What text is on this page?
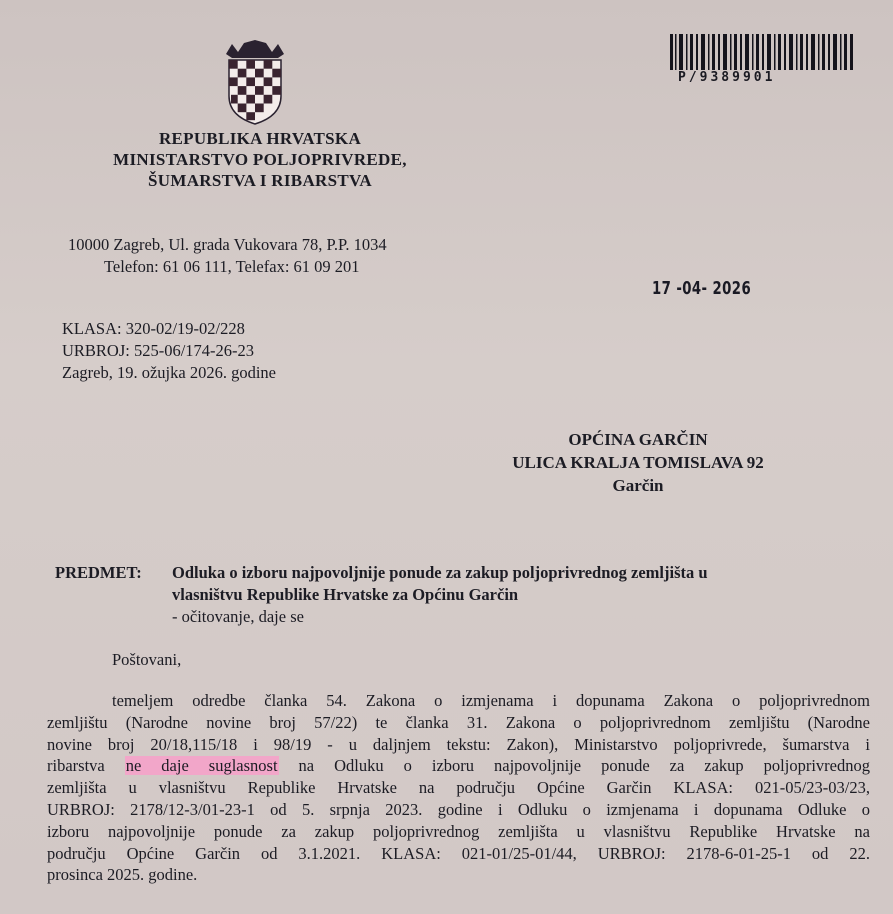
REPUBLIKA HRVATSKA
MINISTARSTVO POLJOPRIVREDE,
ŠUMARSTVA I RIBARSTVA
P/9389901
10000 Zagreb, Ul. grada Vukovara 78, P.P. 1034
Telefon: 61 06 111, Telefax: 61 09 201
17 -04- 2026
KLASA: 320-02/19-02/228
URBROJ: 525-06/174-26-23
Zagreb, 19. ožujka 2026. godine
OPĆINA GARČIN
ULICA KRALJA TOMISLAVA 92
Garčin
PREDMET: Odluka o izboru najpovoljnije ponude za zakup poljoprivrednog zemljišta u
vlasništvu Republike Hrvatske za Općinu Garčin
- očitovanje, daje se
Poštovani,
temeljem odredbe članka 54. Zakona o izmjenama i dopunama Zakona o poljoprivrednom
zemljištu (Narodne novine broj 57/22) te članka 31. Zakona o poljoprivrednom zemljištu (Narodne
novine broj 20/18,115/18 i 98/19 - u daljnjem tekstu: Zakon), Ministarstvo poljoprivrede, šumarstva i
ribarstva ne daje suglasnost na Odluku o izboru najpovoljnije ponude za zakup poljoprivrednog
zemljišta u vlasništvu Republike Hrvatske na području Općine Garčin KLASA: 021-05/23-03/23,
URBROJ: 2178/12-3/01-23-1 od 5. srpnja 2023. godine i Odluku o izmjenama i dopunama Odluke o
izboru najpovoljnije ponude za zakup poljoprivrednog zemljišta u vlasništvu Republike Hrvatske na
području Općine Garčin od 3.1.2021. KLASA: 021-01/25-01/44, URBROJ: 2178-6-01-25-1 od 22.
prosinca 2025. godine.
